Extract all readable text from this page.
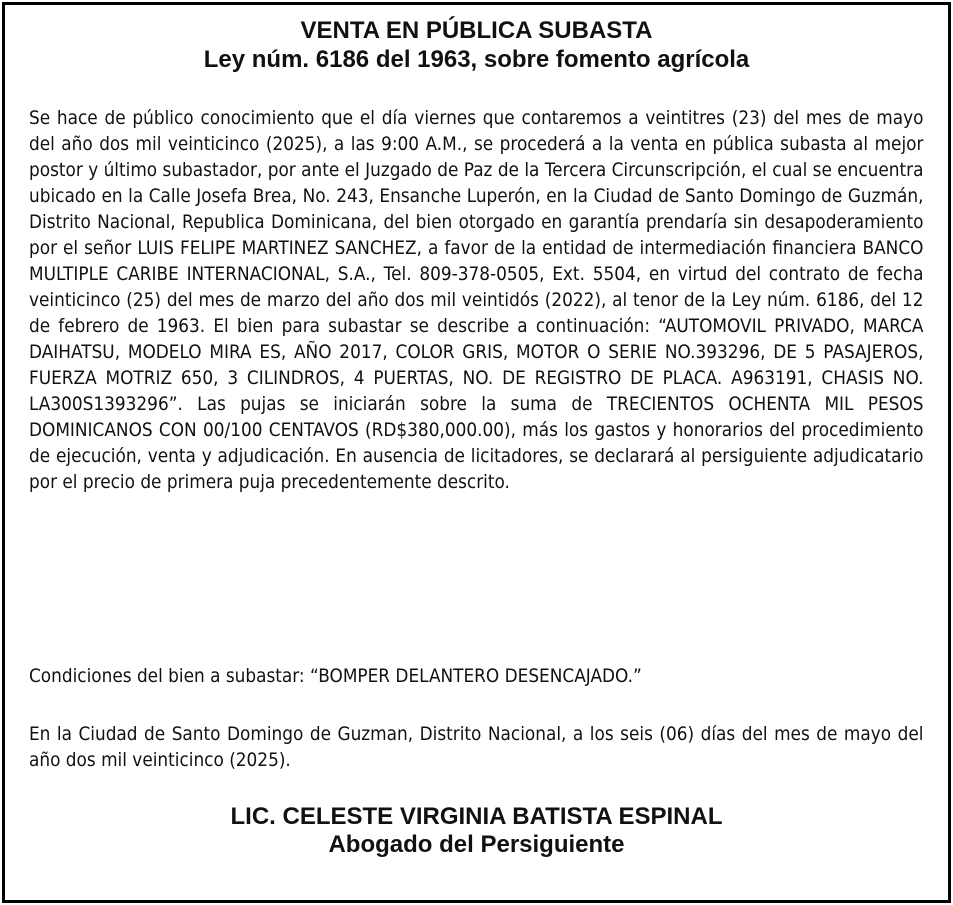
VENTA EN PÚBLICA SUBASTA
Ley núm. 6186 del 1963, sobre fomento agrícola

Se hace de público conocimiento que el día viernes que contaremos a veintitres (23) del mes de mayo del año dos mil veinticinco (2025), a las 9:00 A.M., se procederá a la venta en pública subasta al mejor postor y último subastador, por ante el Juzgado de Paz de la Tercera Circunscripción, el cual se encuentra ubicado en la Calle Josefa Brea, No. 243, Ensanche Luperón, en la Ciudad de Santo Domingo de Guzmán, Distrito Nacional, Republica Dominicana, del bien otorgado en garantía prendaría sin desapoderamiento por el señor LUIS FELIPE MARTINEZ SANCHEZ, a favor de la entidad de intermediación financiera BANCO MULTIPLE CARIBE INTERNACIONAL, S.A., Tel. 809-378-0505, Ext. 5504, en virtud del contrato de fecha veinticinco (25) del mes de marzo del año dos mil veintidós (2022), al tenor de la Ley núm. 6186, del 12 de febrero de 1963. El bien para subastar se describe a continuación: “AUTOMOVIL PRIVADO, MARCA DAIHATSU, MODELO MIRA ES, AÑO 2017, COLOR GRIS, MOTOR O SERIE NO.393296, DE 5 PASAJEROS, FUERZA MOTRIZ 650, 3 CILINDROS, 4 PUERTAS, NO. DE REGISTRO DE PLACA. A963191, CHASIS NO. LA300S1393296”. Las pujas se iniciarán sobre la suma de TRECIENTOS OCHENTA MIL PESOS DOMINICANOS CON 00/100 CENTAVOS (RD$380,000.00), más los gastos y honorarios del procedimiento de ejecución, venta y adjudicación. En ausencia de licitadores, se declarará al persiguiente adjudicatario por el precio de primera puja precedentemente descrito.

Condiciones del bien a subastar: “BOMPER DELANTERO DESENCAJADO.”

En la Ciudad de Santo Domingo de Guzman, Distrito Nacional, a los seis (06) días del mes de mayo del año dos mil veinticinco (2025).

LIC. CELESTE VIRGINIA BATISTA ESPINAL
Abogado del Persiguiente
